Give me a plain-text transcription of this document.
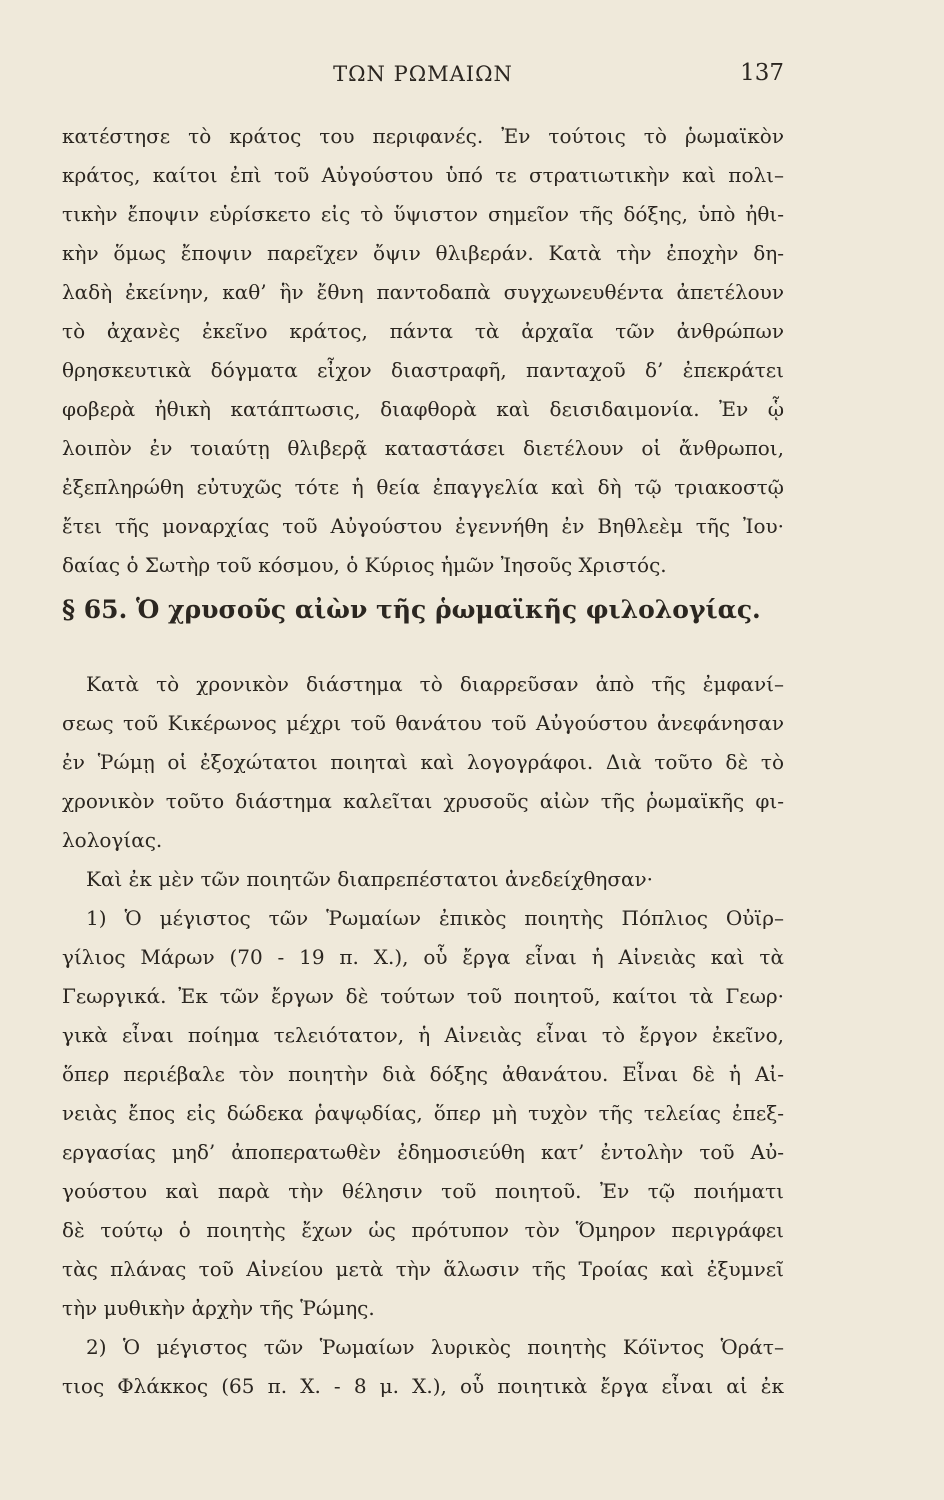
ΤΩΝ ΡΩΜΑΙΩΝ	137
κατέστησε τὸ κράτος του περιφανές. Ἐν τούτοις τὸ ῥωμαϊκὸν
κράτος, καίτοι ἐπὶ τοῦ Αὐγούστου ὑπό τε στρατιωτικὴν καὶ πολι–
τικὴν ἔποψιν εὑρίσκετο εἰς τὸ ὕψιστον σημεῖον τῆς δόξης, ὑπὸ ἠθι-
κὴν ὅμως ἔποψιν παρεῖχεν ὄψιν θλιβεράν. Κατὰ τὴν ἐποχὴν δη-
λαδὴ ἐκείνην, καθ’ ἣν ἔθνη παντοδαπὰ συγχωνευθέντα ἀπετέλουν
τὸ ἀχανὲς ἐκεῖνο κράτος, πάντα τὰ ἀρχαῖα τῶν ἀνθρώπων
θρησκευτικὰ δόγματα εἶχον διαστραφῆ, πανταχοῦ δ’ ἐπεκράτει
φοβερὰ ἠθικὴ κατάπτωσις, διαφθορὰ καὶ δεισιδαιμονία. Ἐν ᾧ
λοιπὸν ἐν τοιαύτῃ θλιβερᾷ καταστάσει διετέλουν οἱ ἄνθρωποι,
ἐξεπληρώθη εὐτυχῶς τότε ἡ θεία ἐπαγγελία καὶ δὴ τῷ τριακοστῷ
ἔτει τῆς μοναρχίας τοῦ Αὐγούστου ἐγεννήθη ἐν Βηθλεὲμ τῆς Ἰου·
δαίας ὁ Σωτὴρ τοῦ κόσμου, ὁ Κύριος ἡμῶν Ἰησοῦς Χριστός.
§ 65. Ὁ χρυσοῦς αἰὼν τῆς ῥωμαϊκῆς φιλολογίας.
Κατὰ τὸ χρονικὸν διάστημα τὸ διαρρεῦσαν ἀπὸ τῆς ἐμφανί–
σεως τοῦ Κικέρωνος μέχρι τοῦ θανάτου τοῦ Αὐγούστου ἀνεφάνησαν
ἐν Ῥώμῃ οἱ ἐξοχώτατοι ποιηταὶ καὶ λογογράφοι. Διὰ τοῦτο δὲ τὸ
χρονικὸν τοῦτο διάστημα καλεῖται χρυσοῦς αἰὼν τῆς ῥωμαϊκῆς φι-
λολογίας.
Καὶ ἐκ μὲν τῶν ποιητῶν διαπρεπέστατοι ἀνεδείχθησαν·
1) Ὁ μέγιστος τῶν Ῥωμαίων ἐπικὸς ποιητὴς Πόπλιος Οὐϊρ–
γίλιος Μάρων (70 - 19 π. Χ.), οὗ ἔργα εἶναι ἡ Αἰνειὰς καὶ τὰ
Γεωργικά. Ἐκ τῶν ἔργων δὲ τούτων τοῦ ποιητοῦ, καίτοι τὰ Γεωρ·
γικὰ εἶναι ποίημα τελειότατον, ἡ Αἰνειὰς εἶναι τὸ ἔργον ἐκεῖνο,
ὅπερ περιέβαλε τὸν ποιητὴν διὰ δόξης ἀθανάτου. Εἶναι δὲ ἡ Αἰ-
νειὰς ἔπος εἰς δώδεκα ῥαψῳδίας, ὅπερ μὴ τυχὸν τῆς τελείας ἐπεξ-
εργασίας μηδ’ ἀποπερατωθὲν ἐδημοσιεύθη κατ’ ἐντολὴν τοῦ Αὐ-
γούστου καὶ παρὰ τὴν θέλησιν τοῦ ποιητοῦ. Ἐν τῷ ποιήματι
δὲ τούτῳ ὁ ποιητὴς ἔχων ὡς πρότυπον τὸν Ὅμηρον περιγράφει
τὰς πλάνας τοῦ Αἰνείου μετὰ τὴν ἅλωσιν τῆς Τροίας καὶ ἐξυμνεῖ
τὴν μυθικὴν ἀρχὴν τῆς Ῥώμης.
2) Ὁ μέγιστος τῶν Ῥωμαίων λυρικὸς ποιητὴς Κόϊντος Ὁράτ–
τιος Φλάκκος (65 π. Χ. - 8 μ. Χ.), οὗ ποιητικὰ ἔργα εἶναι αἱ ἐκ
